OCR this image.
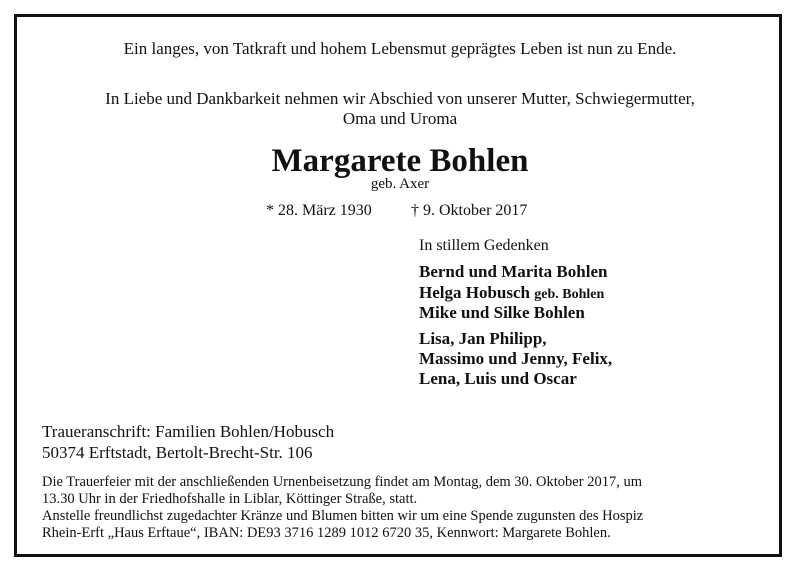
Ein langes, von Tatkraft und hohem Lebensmut geprägtes Leben ist nun zu Ende.
In Liebe und Dankbarkeit nehmen wir Abschied von unserer Mutter, Schwiegermutter,
Oma und Uroma
Margarete Bohlen
geb. Axer
* 28. März 1930 † 9. Oktober 2017
In stillem Gedenken
Bernd und Marita Bohlen
Helga Hobusch geb. Bohlen
Mike und Silke Bohlen
Lisa, Jan Philipp,
Massimo und Jenny, Felix,
Lena, Luis und Oscar
Traueranschrift: Familien Bohlen/Hobusch
50374 Erftstadt, Bertolt-Brecht-Str. 106
Die Trauerfeier mit der anschließenden Urnenbeisetzung findet am Montag, dem 30. Oktober 2017, um
13.30 Uhr in der Friedhofshalle in Liblar, Köttinger Straße, statt.
Anstelle freundlichst zugedachter Kränze und Blumen bitten wir um eine Spende zugunsten des Hospiz
Rhein-Erft „Haus Erftaue“, IBAN: DE93 3716 1289 1012 6720 35, Kennwort: Margarete Bohlen.
